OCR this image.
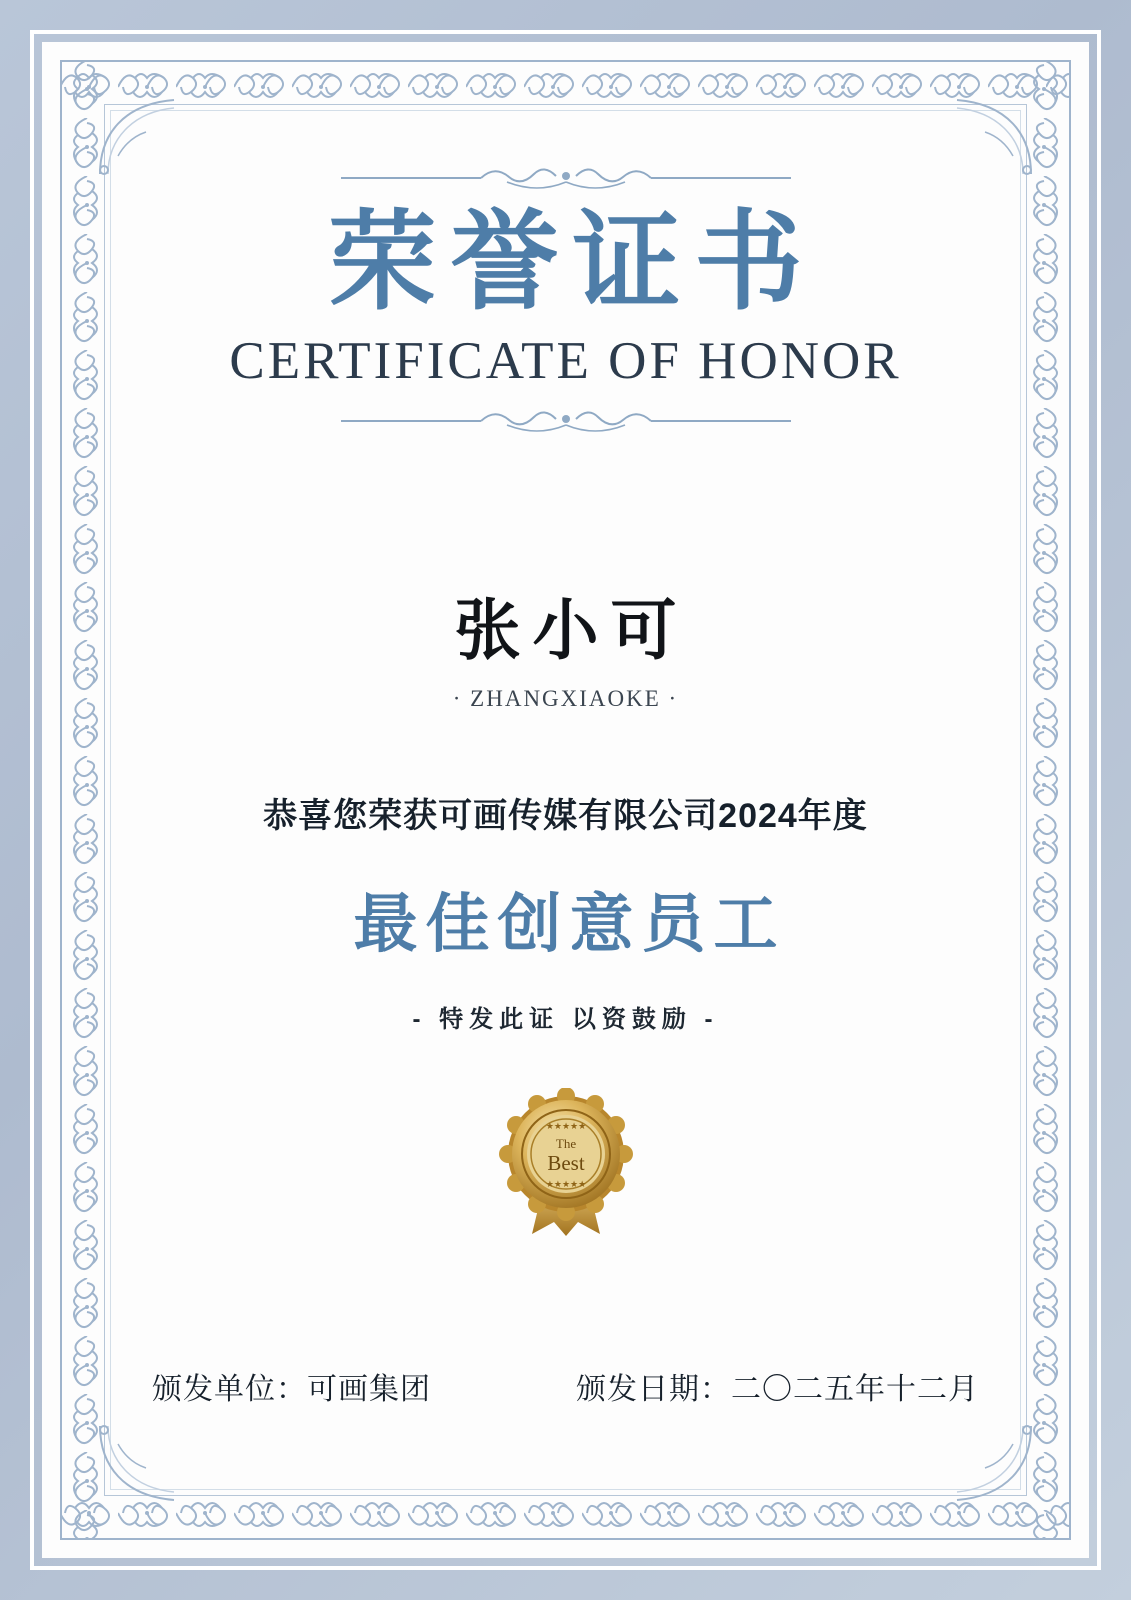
荣誉证书
CERTIFICATE OF HONOR
张小可
· ZHANGXIAOKE ·
恭喜您荣获可画传媒有限公司2024年度
最佳创意员工
- 特发此证 以资鼓励 -
★★★★★
★★★★★
The
Best
颁发单位：可画集团	颁发日期：二〇二五年十二月
